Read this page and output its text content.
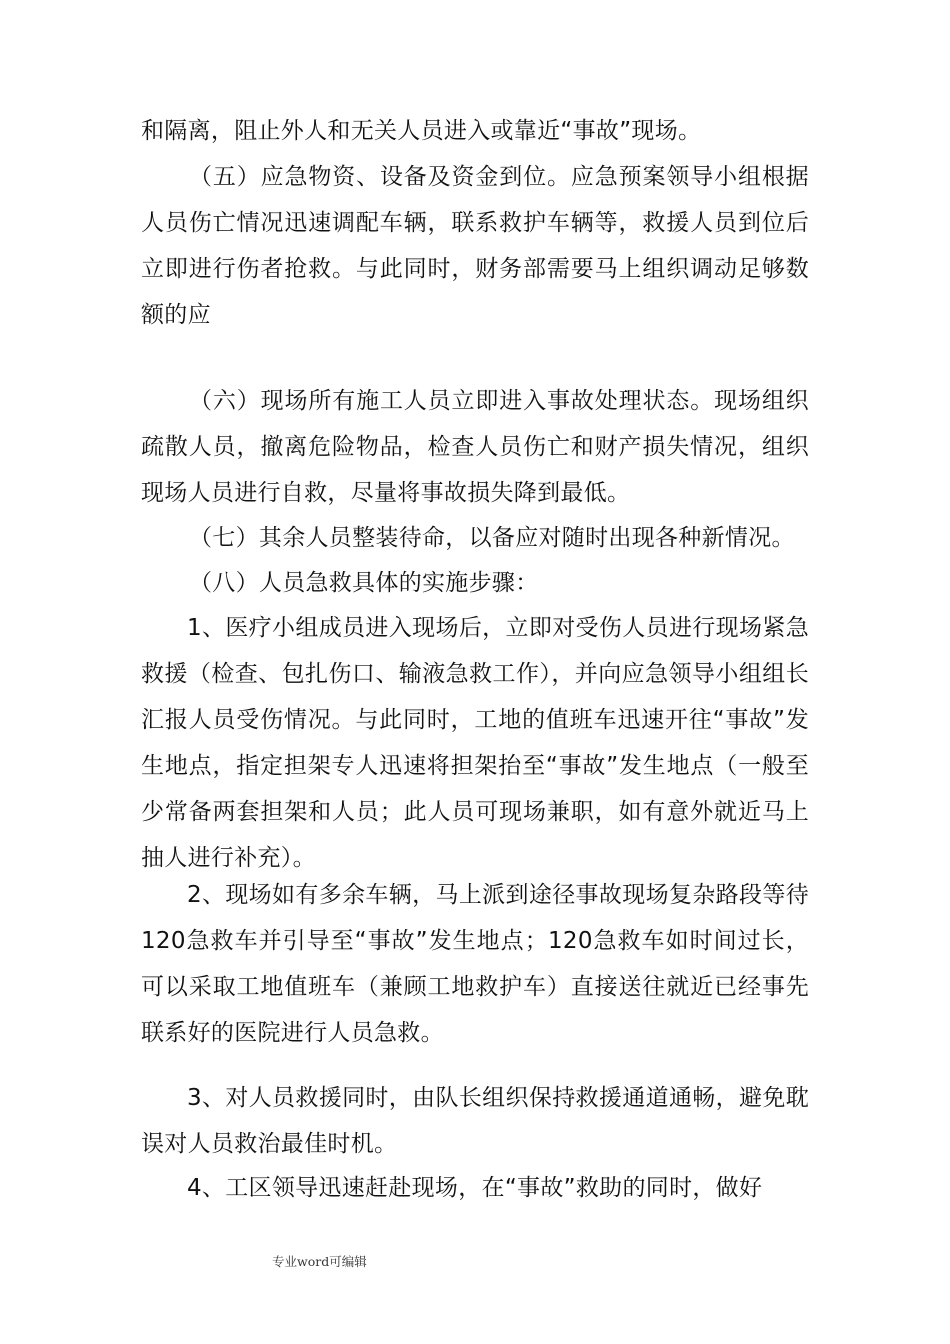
和隔离，阻止外人和无关人员进入或靠近“事故”现场。

（五）应急物资、设备及资金到位。应急预案领导小组根据人员伤亡情况迅速调配车辆，联系救护车辆等，救援人员到位后立即进行伤者抢救。与此同时，财务部需要马上组织调动足够数额的应

（六）现场所有施工人员立即进入事故处理状态。现场组织疏散人员，撤离危险物品，检查人员伤亡和财产损失情况，组织现场人员进行自救，尽量将事故损失降到最低。

（七）其余人员整装待命，以备应对随时出现各种新情况。

（八）人员急救具体的实施步骤：

1、医疗小组成员进入现场后，立即对受伤人员进行现场紧急救援（检查、包扎伤口、输液急救工作），并向应急领导小组组长汇报人员受伤情况。与此同时，工地的值班车迅速开往“事故”发生地点，指定担架专人迅速将担架抬至“事故”发生地点（一般至少常备两套担架和人员；此人员可现场兼职，如有意外就近马上抽人进行补充）。

2、现场如有多余车辆，马上派到途径事故现场复杂路段等待120急救车并引导至“事故”发生地点；120急救车如时间过长，可以采取工地值班车（兼顾工地救护车）直接送往就近已经事先联系好的医院进行人员急救。

3、对人员救援同时，由队长组织保持救援通道通畅，避免耽误对人员救治最佳时机。

4、工区领导迅速赶赴现场，在“事故”救助的同时，做好

专业word可编辑
